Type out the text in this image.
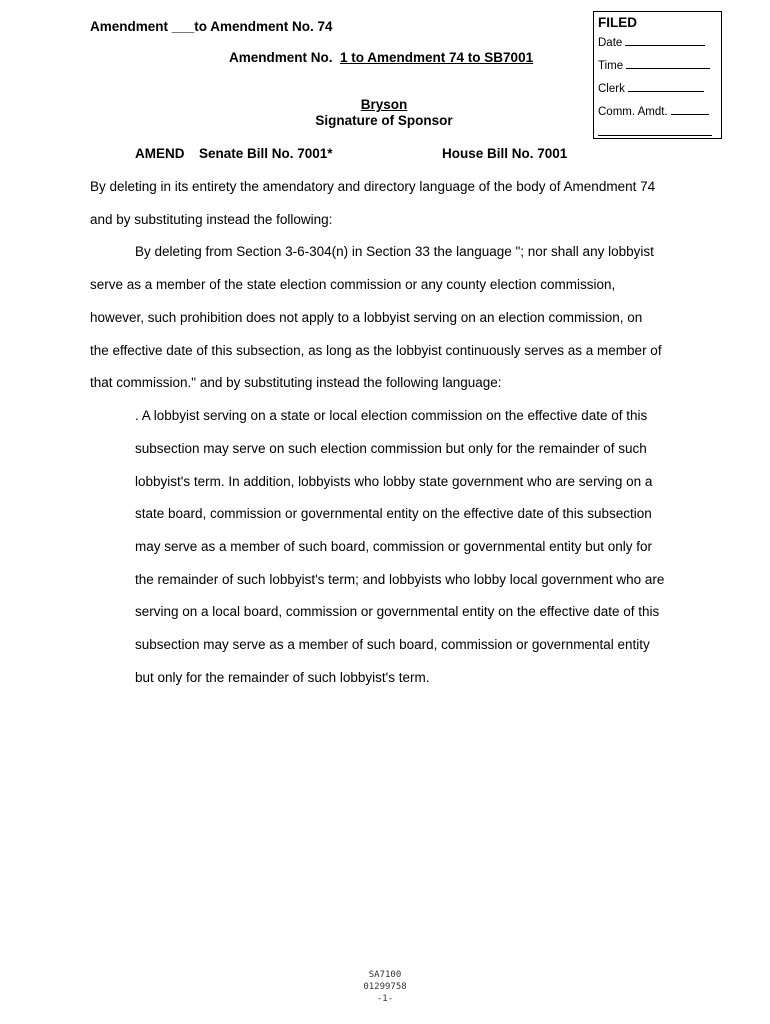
Amendment ___to Amendment No. 74
Amendment No. 1 to Amendment 74 to SB7001
Bryson
Signature of Sponsor
FILED
Date
Time
Clerk
Comm. Amdt.
AMEND Senate Bill No. 7001*	House Bill No. 7001
By deleting in its entirety the amendatory and directory language of the body of Amendment 74
and by substituting instead the following:
By deleting from Section 3-6-304(n) in Section 33 the language "; nor shall any lobbyist
serve as a member of the state election commission or any county election commission,
however, such prohibition does not apply to a lobbyist serving on an election commission, on
the effective date of this subsection, as long as the lobbyist continuously serves as a member of
that commission." and by substituting instead the following language:
. A lobbyist serving on a state or local election commission on the effective date of this
subsection may serve on such election commission but only for the remainder of such
lobbyist's term. In addition, lobbyists who lobby state government who are serving on a
state board, commission or governmental entity on the effective date of this subsection
may serve as a member of such board, commission or governmental entity but only for
the remainder of such lobbyist's term; and lobbyists who lobby local government who are
serving on a local board, commission or governmental entity on the effective date of this
subsection may serve as a member of such board, commission or governmental entity
but only for the remainder of such lobbyist's term.
SA7100
01299758
-1-
